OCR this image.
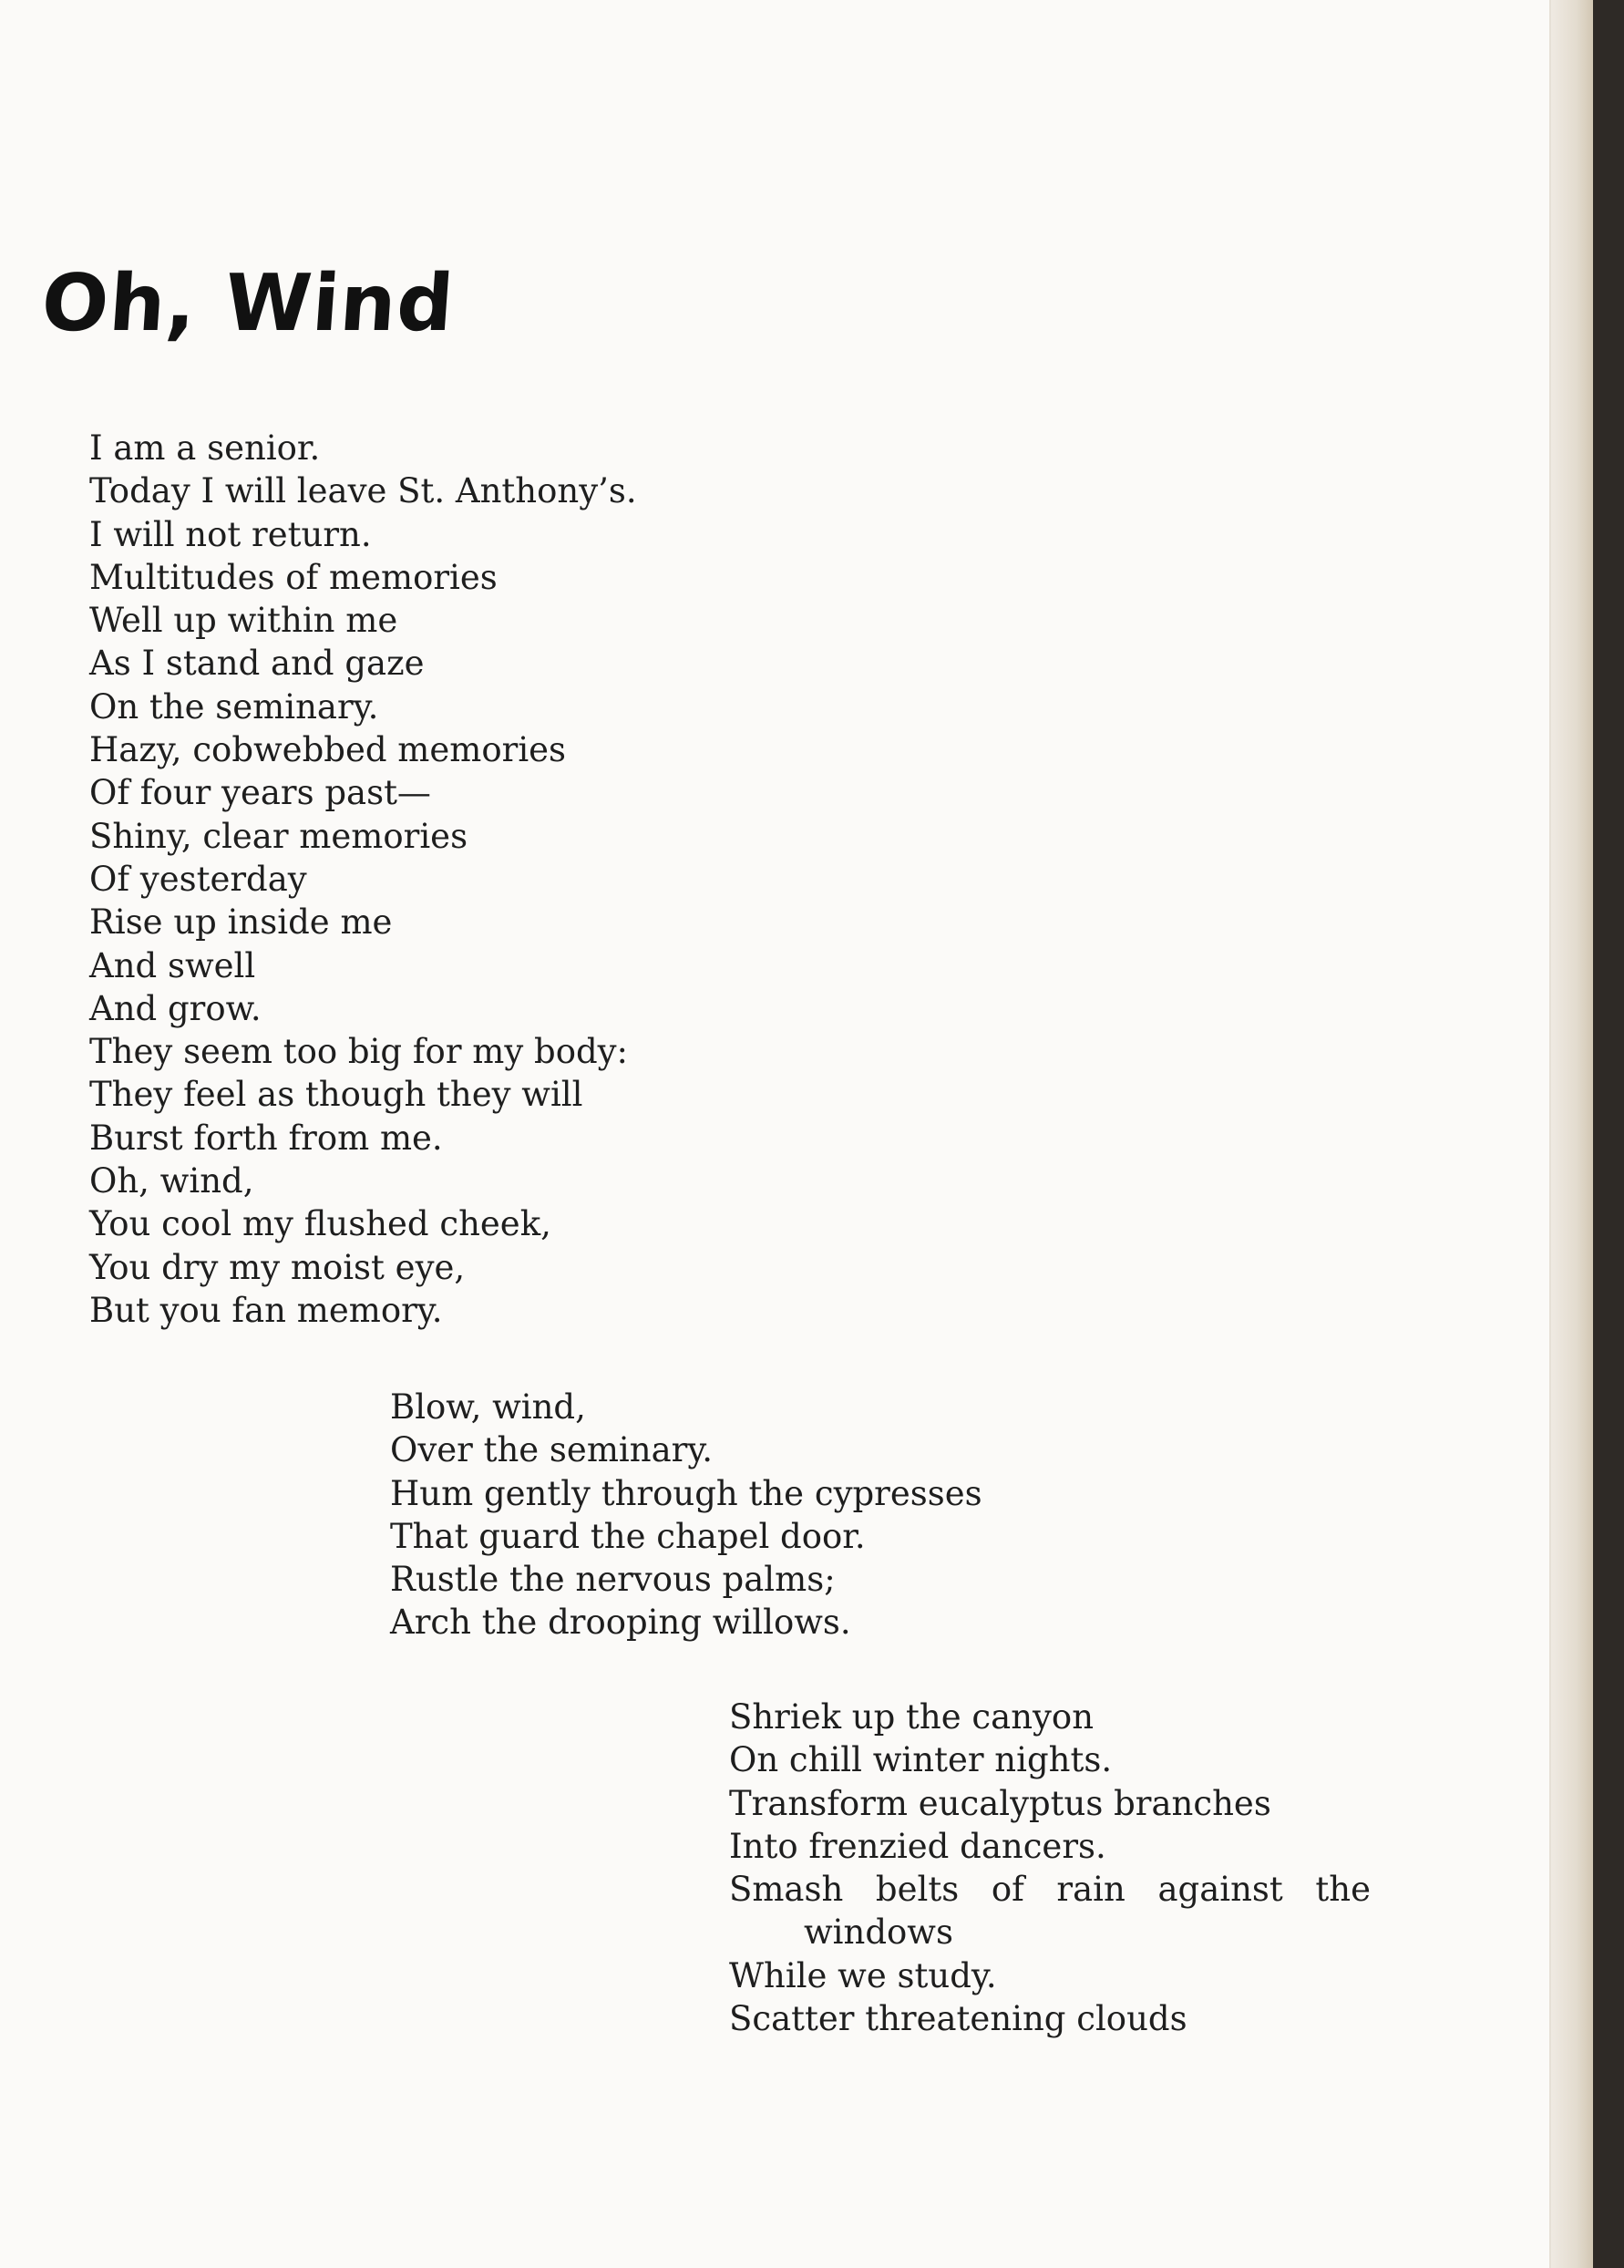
Oh, Wind
I am a senior.
Today I will leave St. Anthony’s.
I will not return.
Multitudes of memories
Well up within me
As I stand and gaze
On the seminary.
Hazy, cobwebbed memories
Of four years past—
Shiny, clear memories
Of yesterday
Rise up inside me
And swell
And grow.
They seem too big for my body:
They feel as though they will
Burst forth from me.
Oh, wind,
You cool my flushed cheek,
You dry my moist eye,
But you fan memory.
Blow, wind,
Over the seminary.
Hum gently through the cypresses
That guard the chapel door.
Rustle the nervous palms;
Arch the drooping willows.
Shriek up the canyon
On chill winter nights.
Transform eucalyptus branches
Into frenzied dancers.
Smash belts of rain against the
windows
While we study.
Scatter threatening clouds
